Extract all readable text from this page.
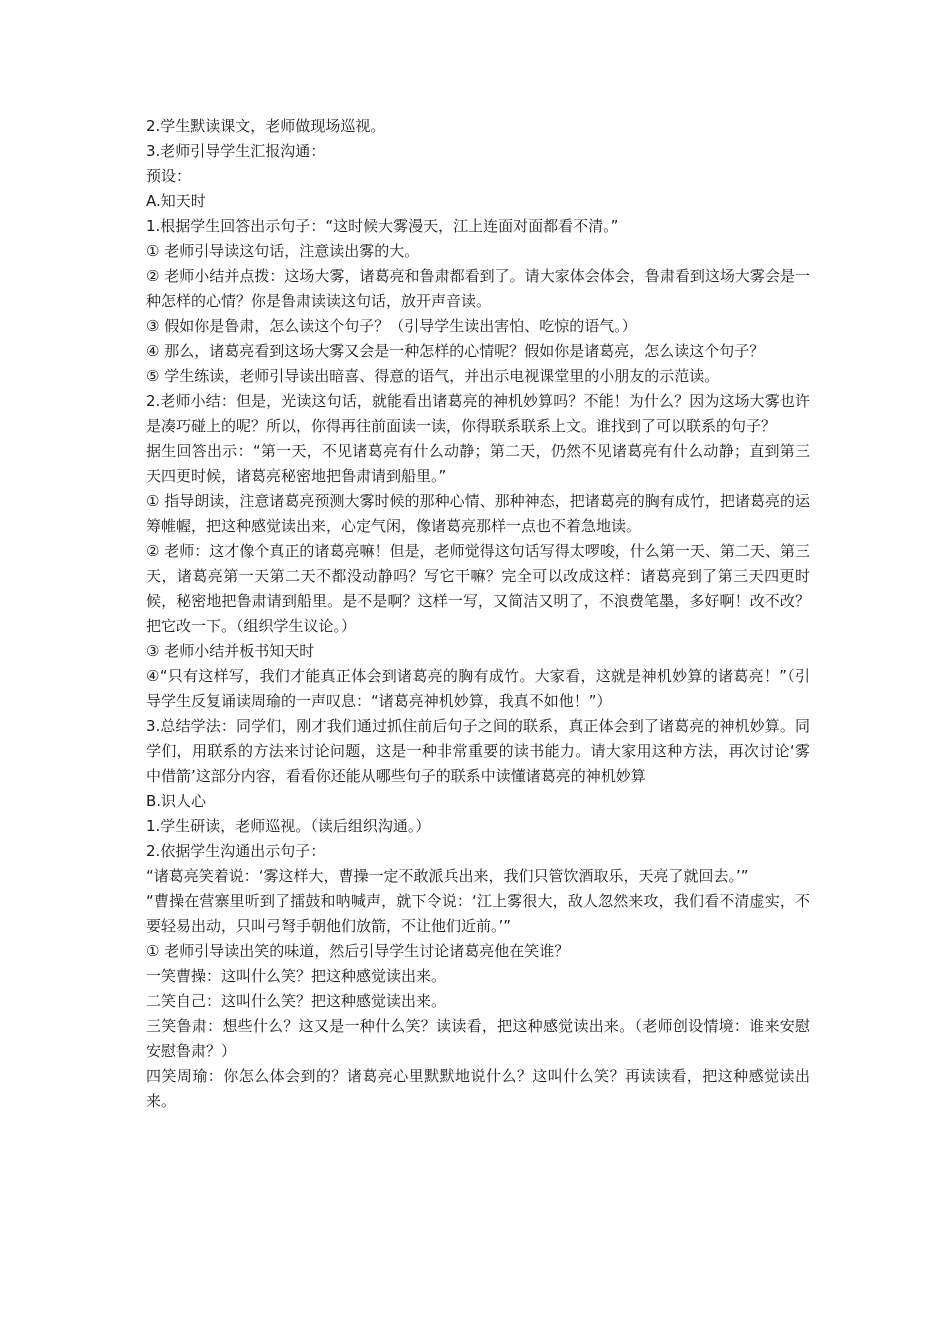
2.学生默读课文，老师做现场巡视。

3.老师引导学生汇报沟通：

预设：

A.知天时

1.根据学生回答出示句子：“这时候大雾漫天，江上连面对面都看不清。”

① 老师引导读这句话，注意读出雾的大。

② 老师小结并点拨：这场大雾，诸葛亮和鲁肃都看到了。请大家体会体会，鲁肃看到这场大雾会是一种怎样的心情？你是鲁肃读读这句话，放开声音读。

③ 假如你是鲁肃，怎么读这个句子？（引导学生读出害怕、吃惊的语气。）

④ 那么，诸葛亮看到这场大雾又会是一种怎样的心情呢？假如你是诸葛亮，怎么读这个句子？

⑤ 学生练读，老师引导读出暗喜、得意的语气，并出示电视课堂里的小朋友的示范读。

2.老师小结：但是，光读这句话，就能看出诸葛亮的神机妙算吗？不能！为什么？因为这场大雾也许是凑巧碰上的呢？所以，你得再往前面读一读，你得联系联系上文。谁找到了可以联系的句子？

据生回答出示：“第一天，不见诸葛亮有什么动静；第二天，仍然不见诸葛亮有什么动静；直到第三天四更时候，诸葛亮秘密地把鲁肃请到船里。”

① 指导朗读，注意诸葛亮预测大雾时候的那种心情、那种神态，把诸葛亮的胸有成竹，把诸葛亮的运筹帷幄，把这种感觉读出来，心定气闲，像诸葛亮那样一点也不着急地读。

② 老师：这才像个真正的诸葛亮嘛！但是，老师觉得这句话写得太啰唆，什么第一天、第二天、第三天，诸葛亮第一天第二天不都没动静吗？写它干嘛？完全可以改成这样：诸葛亮到了第三天四更时候，秘密地把鲁肃请到船里。是不是啊？这样一写，又简洁又明了，不浪费笔墨，多好啊！改不改？把它改一下。（组织学生议论。）

③ 老师小结并板书知天时

④“只有这样写，我们才能真正体会到诸葛亮的胸有成竹。大家看，这就是神机妙算的诸葛亮！”（引导学生反复诵读周瑜的一声叹息：“诸葛亮神机妙算，我真不如他！”）

3.总结学法：同学们，刚才我们通过抓住前后句子之间的联系，真正体会到了诸葛亮的神机妙算。同学们，用联系的方法来讨论问题，这是一种非常重要的读书能力。请大家用这种方法，再次讨论‘雾中借箭’这部分内容，看看你还能从哪些句子的联系中读懂诸葛亮的神机妙算

B.识人心

1.学生研读，老师巡视。（读后组织沟通。）

2.依据学生沟通出示句子：

“诸葛亮笑着说：‘雾这样大，曹操一定不敢派兵出来，我们只管饮酒取乐，天亮了就回去。’”

“曹操在营寨里听到了擂鼓和呐喊声，就下令说：‘江上雾很大，敌人忽然来攻，我们看不清虚实，不要轻易出动，只叫弓弩手朝他们放箭，不让他们近前。’”

① 老师引导读出笑的味道，然后引导学生讨论诸葛亮他在笑谁？

一笑曹操：这叫什么笑？把这种感觉读出来。

二笑自己：这叫什么笑？把这种感觉读出来。

三笑鲁肃：想些什么？这又是一种什么笑？读读看，把这种感觉读出来。（老师创设情境：谁来安慰安慰鲁肃？）

四笑周瑜：你怎么体会到的？诸葛亮心里默默地说什么？这叫什么笑？再读读看，把这种感觉读出来。
